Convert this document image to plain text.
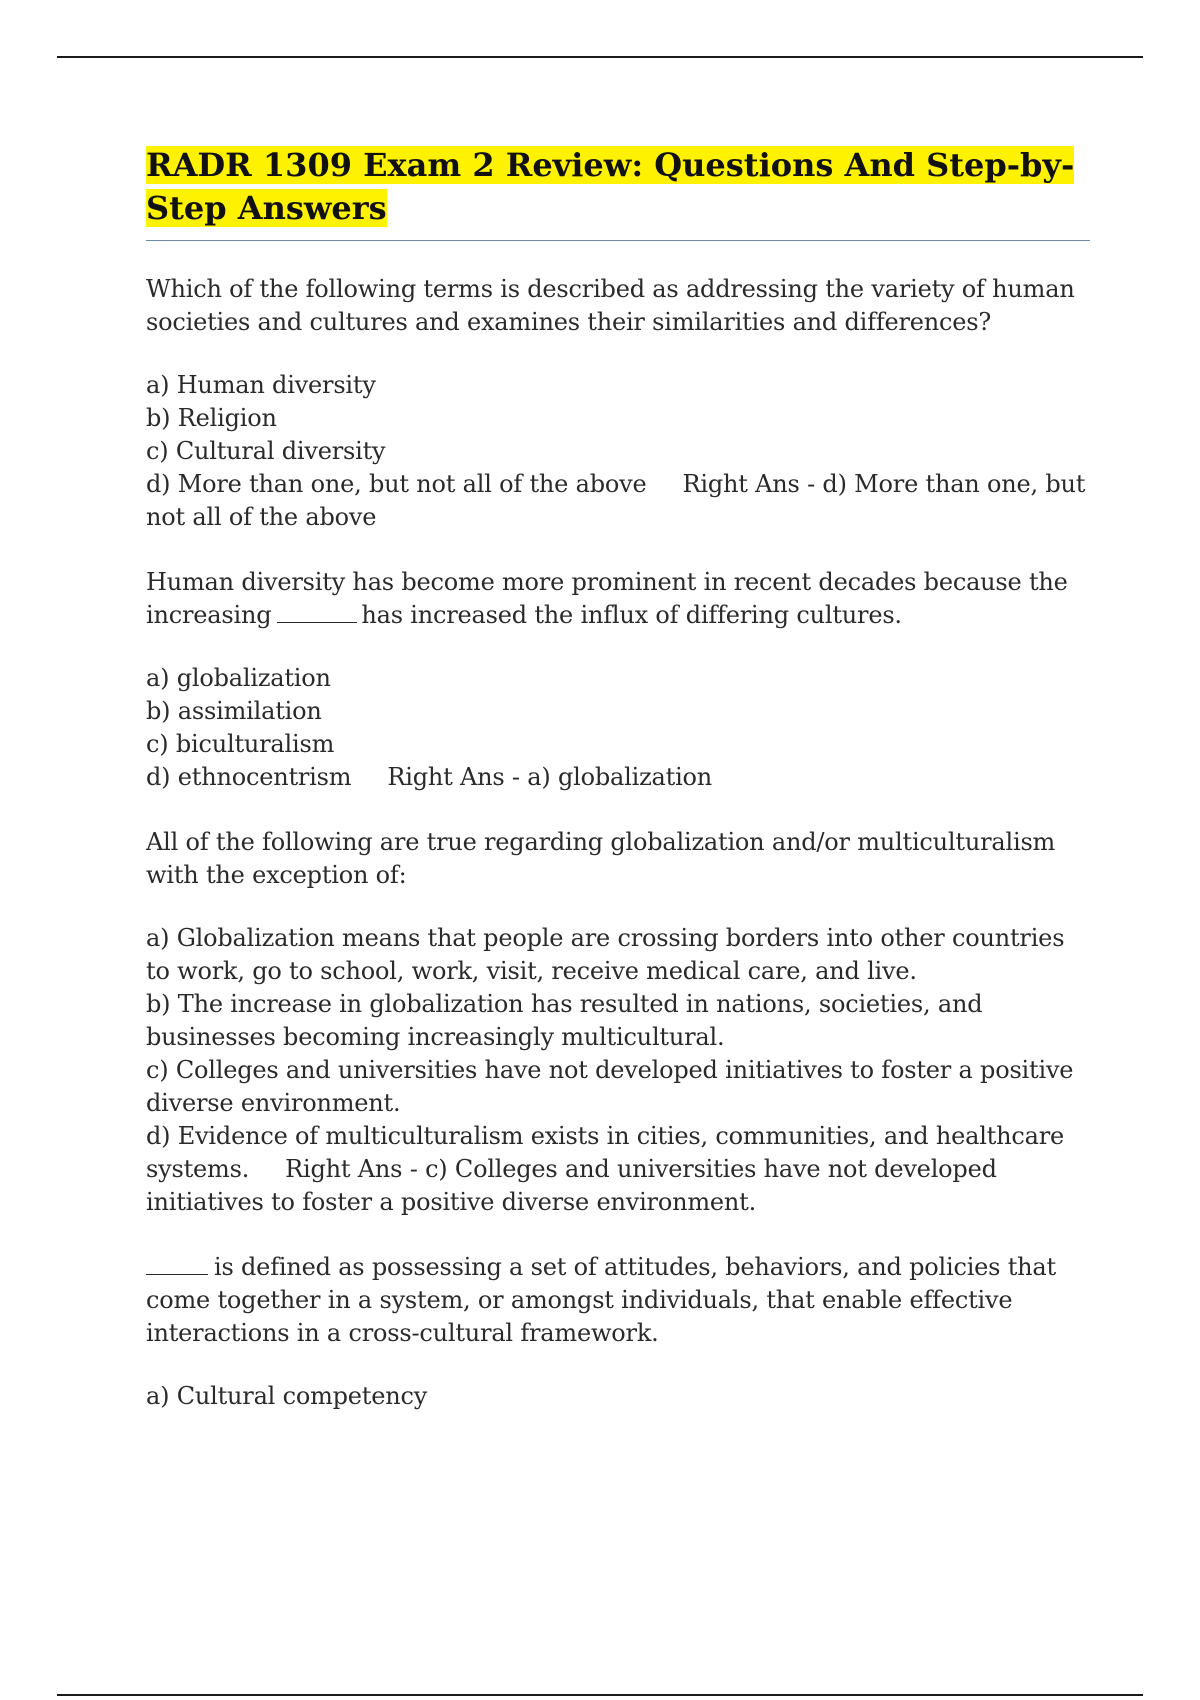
RADR 1309 Exam 2 Review: Questions And Step-by-Step Answers

Which of the following terms is described as addressing the variety of human societies and cultures and examines their similarities and differences?

a) Human diversity
b) Religion
c) Cultural diversity
d) More than one, but not all of the above Right Ans - d) More than one, but not all of the above

Human diversity has become more prominent in recent decades because the increasing	has increased the influx of differing cultures.

a) globalization
b) assimilation
c) biculturalism
d) ethnocentrism Right Ans - a) globalization

All of the following are true regarding globalization and/or multiculturalism with the exception of:

a) Globalization means that people are crossing borders into other countries to work, go to school, work, visit, receive medical care, and live.
b) The increase in globalization has resulted in nations, societies, and businesses becoming increasingly multicultural.
c) Colleges and universities have not developed initiatives to foster a positive diverse environment.
d) Evidence of multiculturalism exists in cities, communities, and healthcare systems. Right Ans - c) Colleges and universities have not developed initiatives to foster a positive diverse environment.

is defined as possessing a set of attitudes, behaviors, and policies that come together in a system, or amongst individuals, that enable effective interactions in a cross-cultural framework.

a) Cultural competency
